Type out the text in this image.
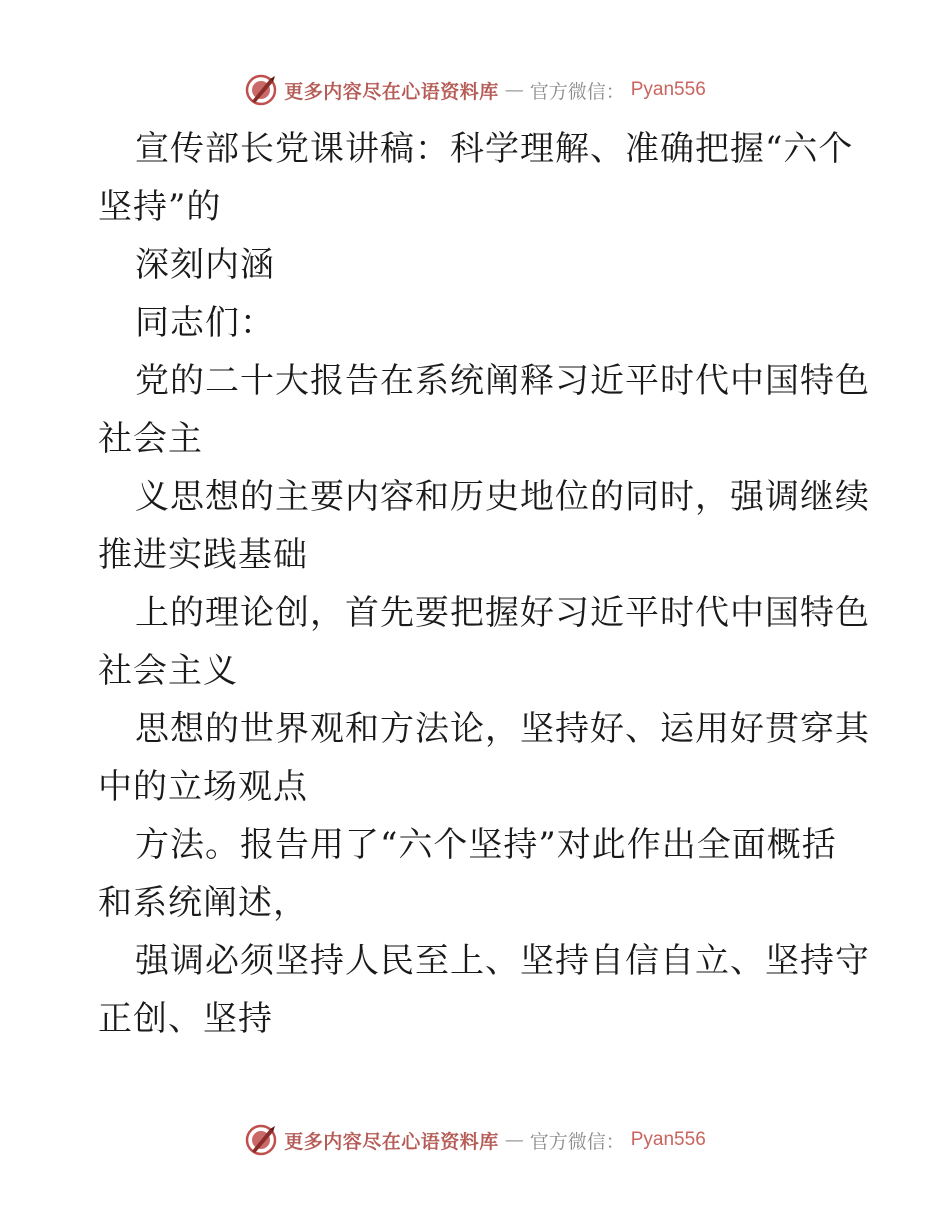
更多内容尽在心语资料库 — 官方微信： Pyan556
宣传部长党课讲稿：科学理解、准确把握“六个
坚持”的
深刻内涵
同志们：
党的二十大报告在系统阐释习近平时代中国特色
社会主
义思想的主要内容和历史地位的同时，强调继续
推进实践基础
上的理论创，首先要把握好习近平时代中国特色
社会主义
思想的世界观和方法论，坚持好、运用好贯穿其
中的立场观点
方法。报告用了“六个坚持”对此作出全面概括
和系统阐述，
强调必须坚持人民至上、坚持自信自立、坚持守
正创、坚持
更多内容尽在心语资料库 — 官方微信： Pyan556
